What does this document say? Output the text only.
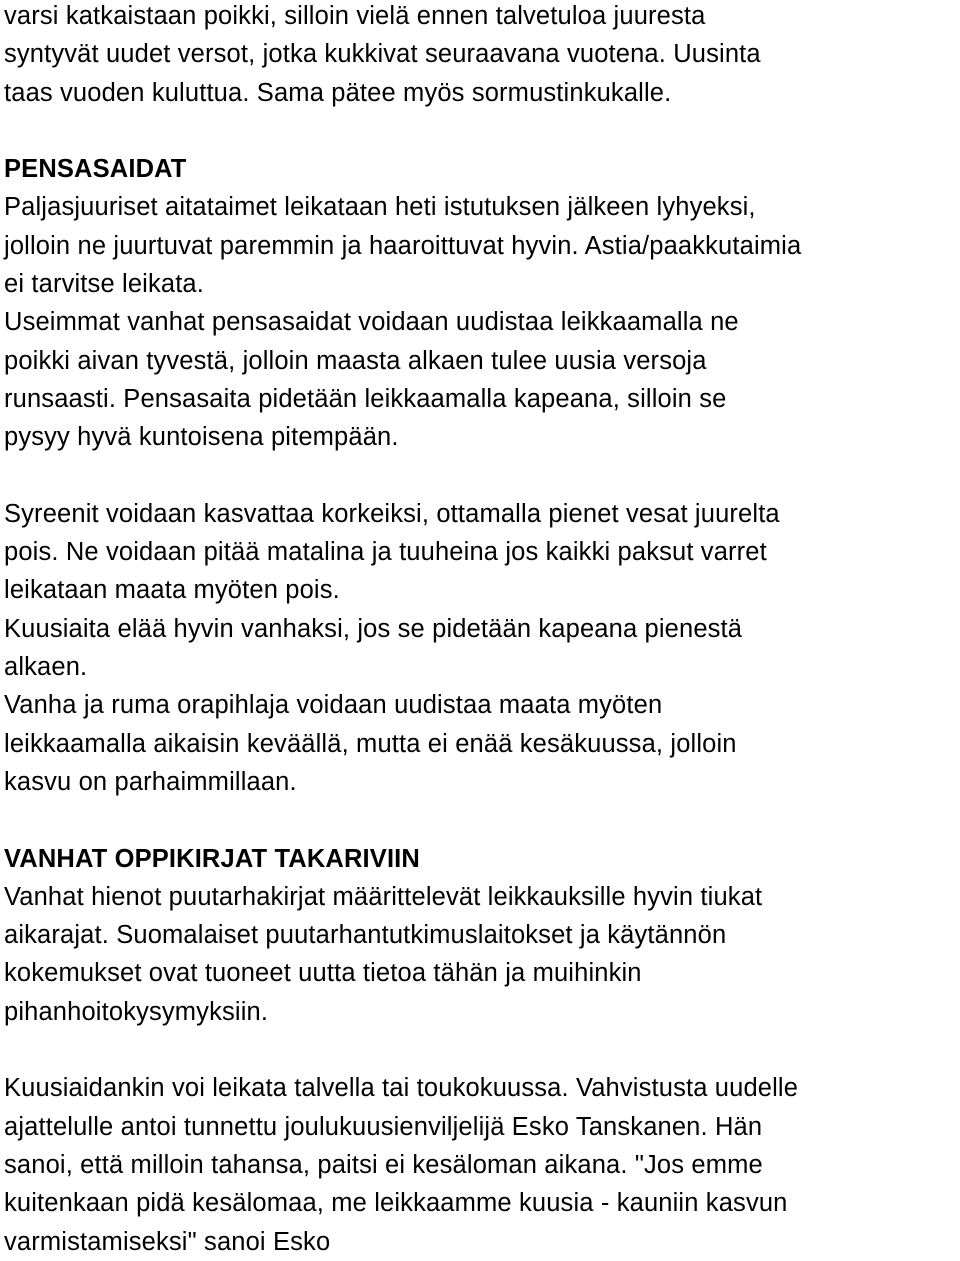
varsi katkaistaan poikki, silloin vielä ennen talvetuloa juuresta
syntyvät uudet versot, jotka kukkivat seuraavana vuotena. Uusinta
taas vuoden kuluttua. Sama pätee myös sormustinkukalle.
PENSASAIDAT
Paljasjuuriset aitataimet leikataan heti istutuksen jälkeen lyhyeksi,
jolloin ne juurtuvat paremmin ja haaroittuvat hyvin. Astia/paakkutaimia
ei tarvitse leikata.
Useimmat vanhat pensasaidat voidaan uudistaa leikkaamalla ne
poikki aivan tyvestä, jolloin maasta alkaen tulee uusia versoja
runsaasti. Pensasaita pidetään leikkaamalla kapeana, silloin se
pysyy hyvä kuntoisena pitempään.
Syreenit voidaan kasvattaa korkeiksi, ottamalla pienet vesat juurelta
pois. Ne voidaan pitää matalina ja tuuheina jos kaikki paksut varret
leikataan maata myöten pois.
Kuusiaita elää hyvin vanhaksi, jos se pidetään kapeana pienestä
alkaen.
Vanha ja ruma orapihlaja voidaan uudistaa maata myöten
leikkaamalla aikaisin keväällä, mutta ei enää kesäkuussa, jolloin
kasvu on parhaimmillaan.
VANHAT OPPIKIRJAT TAKARIVIIN
Vanhat hienot puutarhakirjat määrittelevät leikkauksille hyvin tiukat
aikarajat. Suomalaiset puutarhantutkimuslaitokset ja käytännön
kokemukset ovat tuoneet uutta tietoa tähän ja muihinkin
pihanhoitokysymyksiin.
Kuusiaidankin voi leikata talvella tai toukokuussa. Vahvistusta uudelle
ajattelulle antoi tunnettu joulukuusienviljelijä Esko Tanskanen. Hän
sanoi, että milloin tahansa, paitsi ei kesäloman aikana. "Jos emme
kuitenkaan pidä kesälomaa, me leikkaamme kuusia - kauniin kasvun
varmistamiseksi" sanoi Esko
